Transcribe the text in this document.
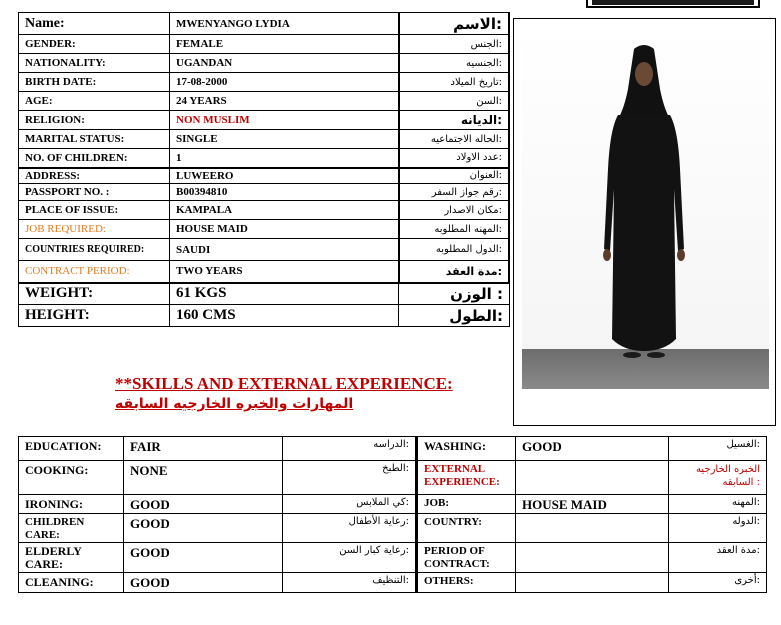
Name:	MWENYANGO LYDIA	الاسم:
GENDER:	FEMALE	الجنس:
NATIONALITY:	UGANDAN	الجنسيه:
BIRTH DATE:	17-08-2000	تاريخ الميلاد:
AGE:	24 YEARS	السن:
RELIGION:	NON MUSLIM	الديانه:
MARITAL STATUS:	SINGLE	الحاله الاجتماعيه:
NO. OF CHILDREN:	1	عدد الاولاد:
ADDRESS:	LUWEERO	العنوان:
PASSPORT NO. :	B00394810	رقم جواز السفر:
PLACE OF ISSUE:	KAMPALA	مكان الاصدار:
JOB REQUIRED:	HOUSE MAID	المهنه المطلوبه:
COUNTRIES REQUIRED:	SAUDI	الدول المطلوبه:
CONTRACT PERIOD:	TWO YEARS	مدة العقد:
WEIGHT:	61 KGS	الوزن :
HEIGHT:	160 CMS	الطول:
**SKILLS AND EXTERNAL EXPERIENCE:
المهارات والخبره الخارجيه السابقه
EDUCATION:	FAIR	الدراسه:	WASHING:	GOOD	الغسيل:
COOKING:	NONE	الطبخ:	EXTERNAL EXPERIENCE:		الخبره الخارجيه السابقه :
IRONING:	GOOD	كي الملابس:	JOB:	HOUSE MAID	المهنه:
CHILDREN CARE:	GOOD	رعاية الأطفال:	COUNTRY:		الدوله:
ELDERLY CARE:	GOOD	رعاية كبار السن:	PERIOD OF CONTRACT:		مدة العقد:
CLEANING:	GOOD	التنظيف:	OTHERS:		أخرى:
